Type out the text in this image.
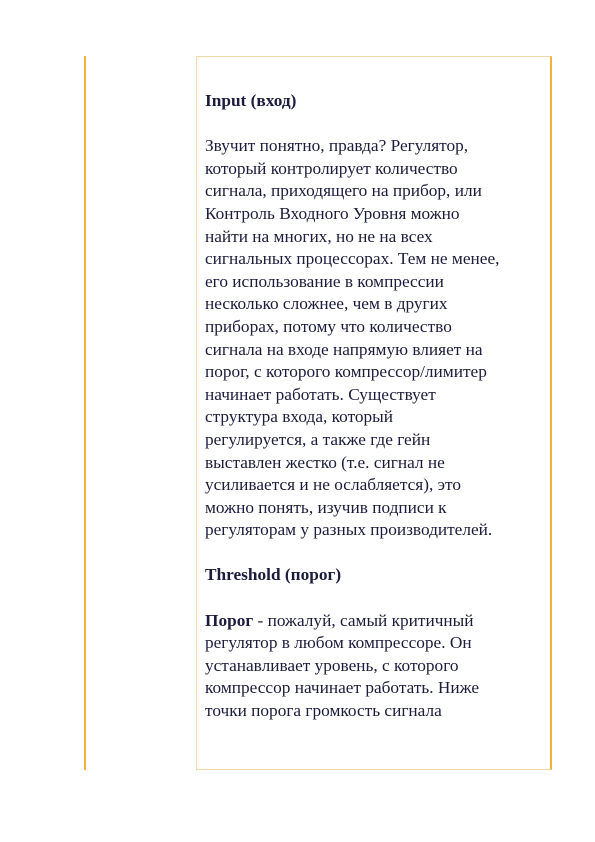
Input (вход)
Звучит понятно, правда? Регулятор,
который контролирует количество
сигнала, приходящего на прибор, или
Контроль Входного Уровня можно
найти на многих, но не на всех
сигнальных процессорах. Тем не менее,
его использование в компрессии
несколько сложнее, чем в других
приборах, потому что количество
сигнала на входе напрямую влияет на
порог, с которого компрессор/лимитер
начинает работать. Существует
структура входа, который
регулируется, а также где гейн
выставлен жестко (т.е. сигнал не
усиливается и не ослабляется), это
можно понять, изучив подписи к
регуляторам у разных производителей.
Threshold (порог)
Порог - пожалуй, самый критичный
регулятор в любом компрессоре. Он
устанавливает уровень, с которого
компрессор начинает работать. Ниже
точки порога громкость сигнала
